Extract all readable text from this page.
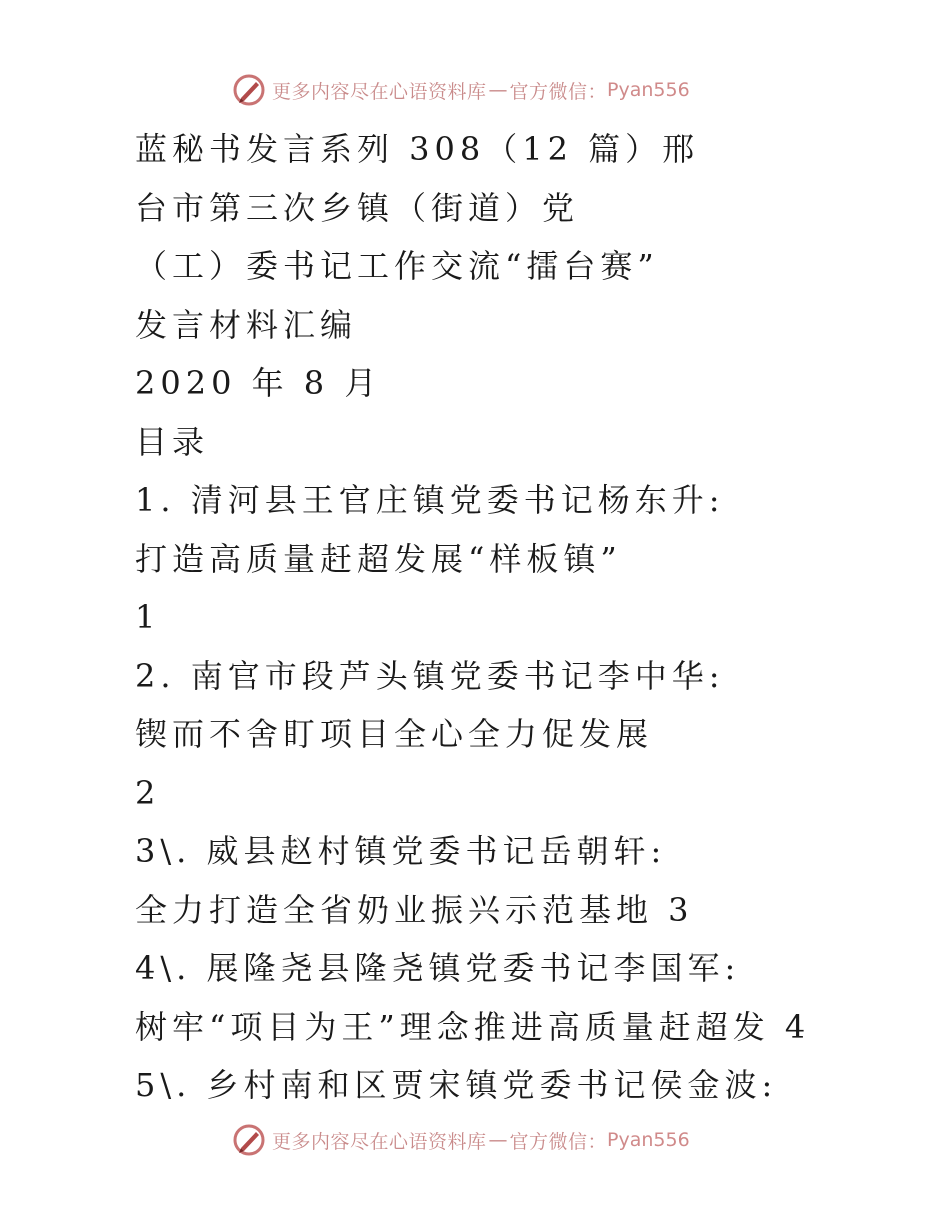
更多内容尽在心语资料库 — 官方微信： Pyan556
蓝秘书发言系列 308（12 篇）邢
台市第三次乡镇（街道）党
（工）委书记工作交流“擂台赛”
发言材料汇编
2020 年 8 月
目录
1. 清河县王官庄镇党委书记杨东升:
打造高质量赶超发展“样板镇”
1
2. 南官市段芦头镇党委书记李中华:
锲而不舍盯项目全心全力促发展
2
3\. 威县赵村镇党委书记岳朝轩:
全力打造全省奶业振兴示范基地 3
4\. 展隆尧县隆尧镇党委书记李国军:
树牢“项目为王”理念推进高质量赶超发 4
5\. 乡村南和区贾宋镇党委书记侯金波:
更多内容尽在心语资料库 — 官方微信： Pyan556
